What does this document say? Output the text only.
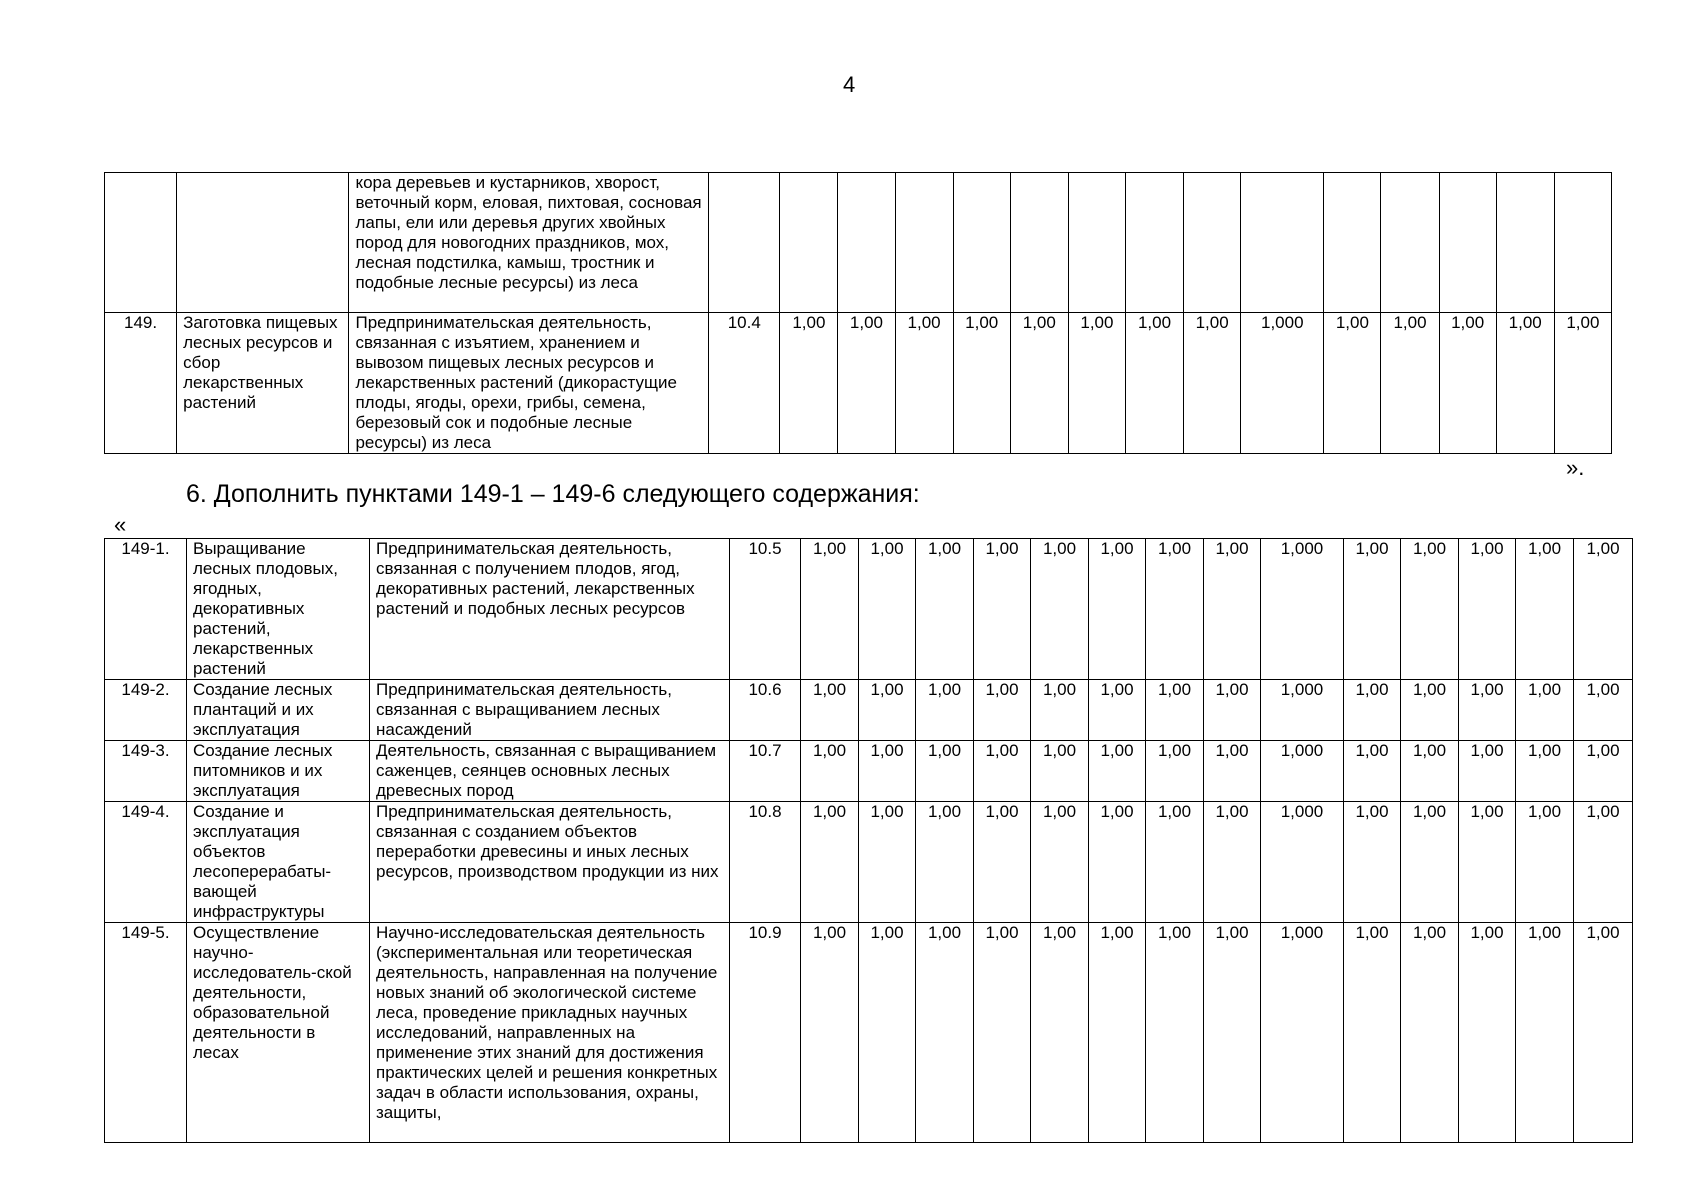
4
		кора деревьев и кустарников, хворост, веточный корм, еловая, пихтовая, сосновая лапы, ели или деревья других хвойных пород для новогодних праздников, мох, лесная подстилка, камыш, тростник и подобные лесные ресурсы) из леса															
149.	Заготовка пищевых лесных ресурсов и сбор лекарственных растений	Предпринимательская деятельность, связанная с изъятием, хранением и вывозом пищевых лесных ресурсов и лекарственных растений (дикорастущие плоды, ягоды, орехи, грибы, семена, березовый сок и подобные лесные ресурсы) из леса	10.4	1,00	1,00	1,00	1,00	1,00	1,00	1,00	1,00	1,000	1,00	1,00	1,00	1,00	1,00
».
6. Дополнить пунктами 149-1 – 149-6 следующего содержания:
«
149-1.	Выращивание лесных плодовых, ягодных, декоративных растений, лекарственных растений	Предпринимательская деятельность, связанная с получением плодов, ягод, декоративных растений, лекарственных растений и подобных лесных ресурсов	10.5	1,00	1,00	1,00	1,00	1,00	1,00	1,00	1,00	1,000	1,00	1,00	1,00	1,00	1,00
149-2.	Создание лесных плантаций и их эксплуатация	Предпринимательская деятельность, связанная с выращиванием лесных насаждений	10.6	1,00	1,00	1,00	1,00	1,00	1,00	1,00	1,00	1,000	1,00	1,00	1,00	1,00	1,00
149-3.	Создание лесных питомников и их эксплуатация	Деятельность, связанная с выращиванием саженцев, сеянцев основных лесных древесных пород	10.7	1,00	1,00	1,00	1,00	1,00	1,00	1,00	1,00	1,000	1,00	1,00	1,00	1,00	1,00
149-4.	Создание и эксплуатация объектов лесоперерабаты-вающей инфраструктуры	Предпринимательская деятельность, связанная с созданием объектов переработки древесины и иных лесных ресурсов, производством продукции из них	10.8	1,00	1,00	1,00	1,00	1,00	1,00	1,00	1,00	1,000	1,00	1,00	1,00	1,00	1,00
149-5.	Осуществление научно-исследователь-ской деятельности, образовательной деятельности в лесах	Научно-исследовательская деятельность (экспериментальная или теоретическая деятельность, направленная на получение новых знаний об экологической системе леса, проведение прикладных научных исследований, направленных на применение этих знаний для достижения практических целей и решения конкретных задач в области использования, охраны, защиты,	10.9	1,00	1,00	1,00	1,00	1,00	1,00	1,00	1,00	1,000	1,00	1,00	1,00	1,00	1,00
